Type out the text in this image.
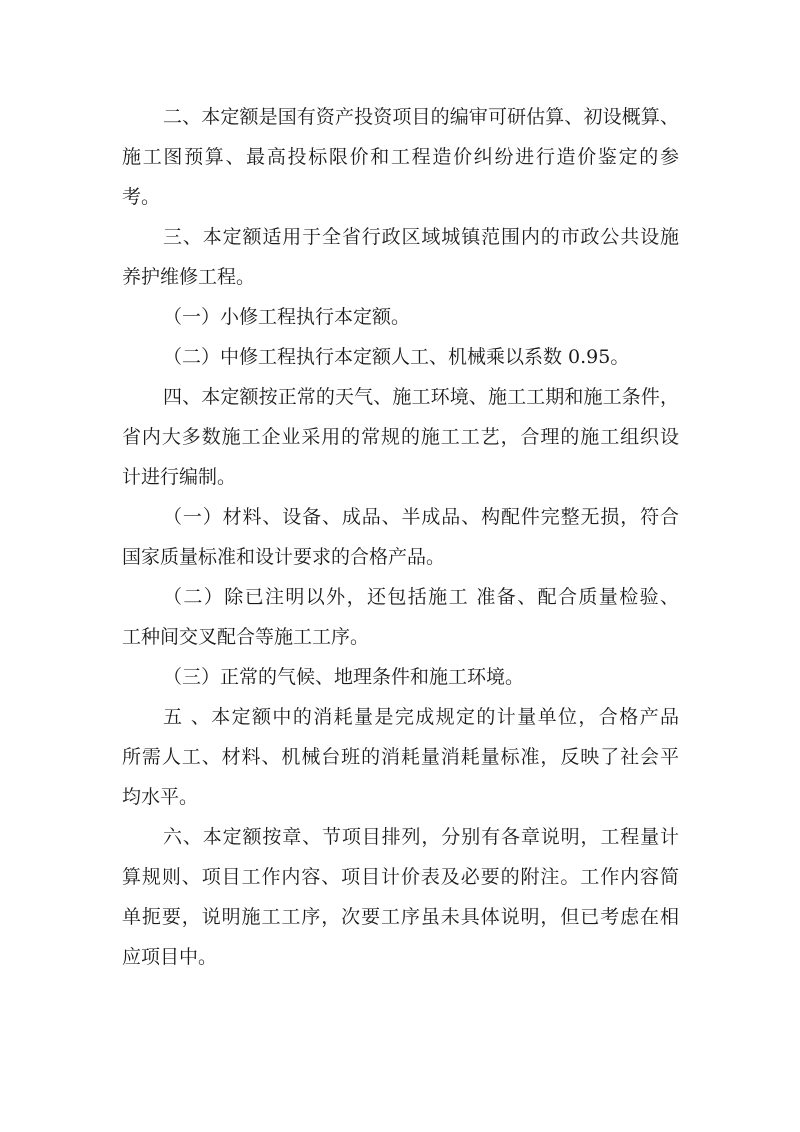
二、本定额是国有资产投资项目的编审可研估算、初设概算、
施工图预算、最高投标限价和工程造价纠纷进行造价鉴定的参
考。
三、本定额适用于全省行政区域城镇范围内的市政公共设施
养护维修工程。
（一）小修工程执行本定额。
（二）中修工程执行本定额人工、机械乘以系数 0.95。
四、本定额按正常的天气、施工环境、施工工期和施工条件，
省内大多数施工企业采用的常规的施工工艺，合理的施工组织设
计进行编制。
（一）材料、设备、成品、半成品、构配件完整无损，符合
国家质量标准和设计要求的合格产品。
（二）除已注明以外，还包括施工 准备、配合质量检验、
工种间交叉配合等施工工序。
（三）正常的气候、地理条件和施工环境。
五 、本定额中的消耗量是完成规定的计量单位，合格产品
所需人工、材料、机械台班的消耗量消耗量标准，反映了社会平
均水平。
六、本定额按章、节项目排列，分别有各章说明，工程量计
算规则、项目工作内容、项目计价表及必要的附注。工作内容简
单扼要，说明施工工序，次要工序虽未具体说明，但已考虑在相
应项目中。
